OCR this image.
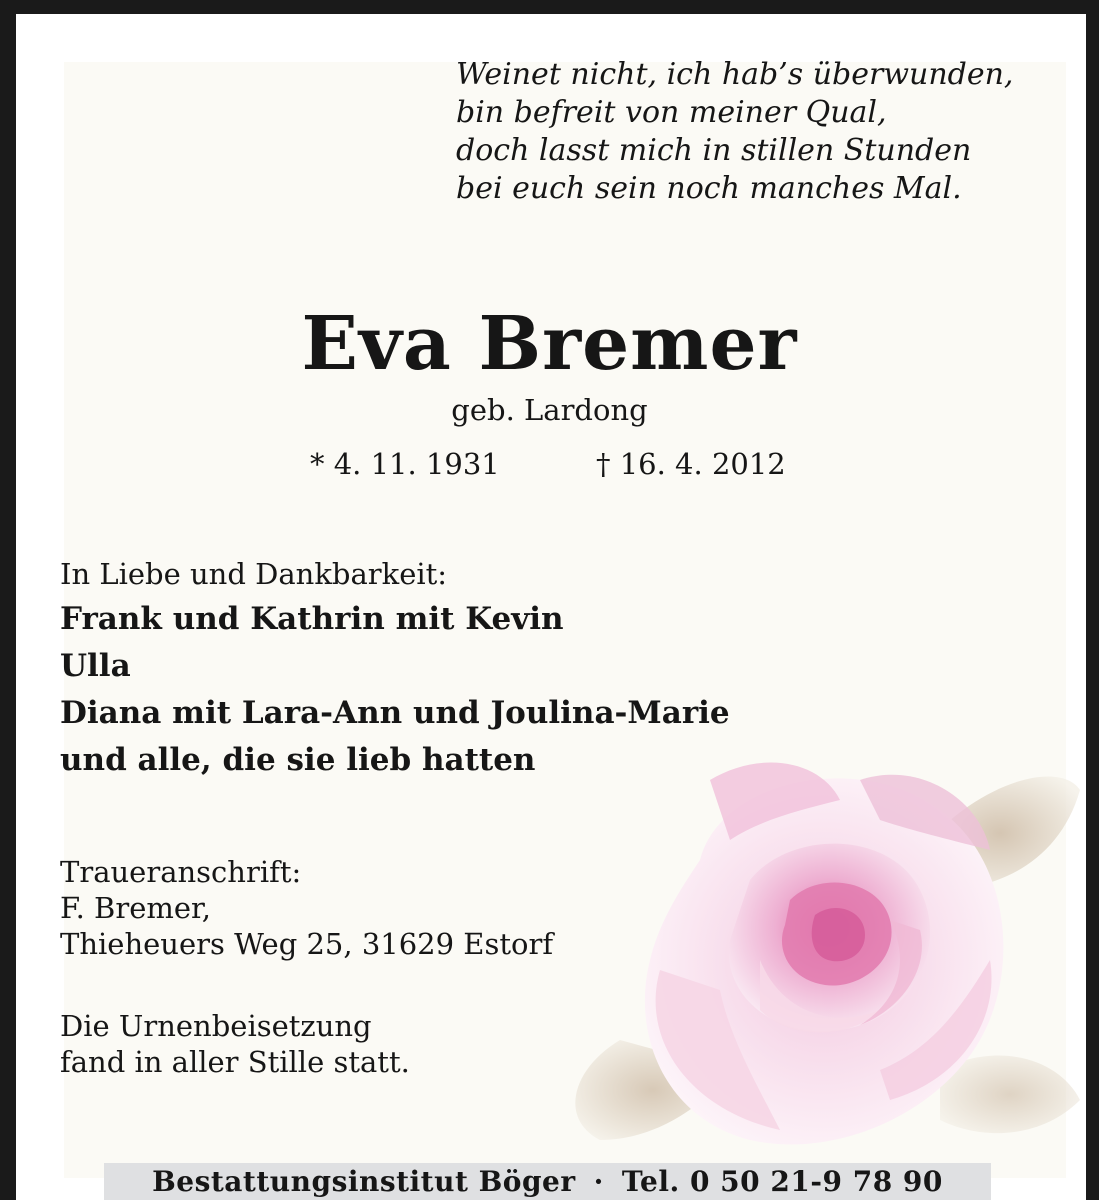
Weinet nicht, ich hab’s überwunden,
bin befreit von meiner Qual,
doch lasst mich in stillen Stunden
bei euch sein noch manches Mal.
Eva Bremer
geb. Lardong
* 4. 11. 1931	† 16. 4. 2012
In Liebe und Dankbarkeit:
Frank und Kathrin mit Kevin
Ulla
Diana mit Lara-Ann und Joulina-Marie
und alle, die sie lieb hatten
Traueranschrift:
F. Bremer,
Thieheuers Weg 25, 31629 Estorf
Die Urnenbeisetzung
fand in aller Stille statt.
Bestattungsinstitut Böger · Tel. 0 50 21-9 78 90
